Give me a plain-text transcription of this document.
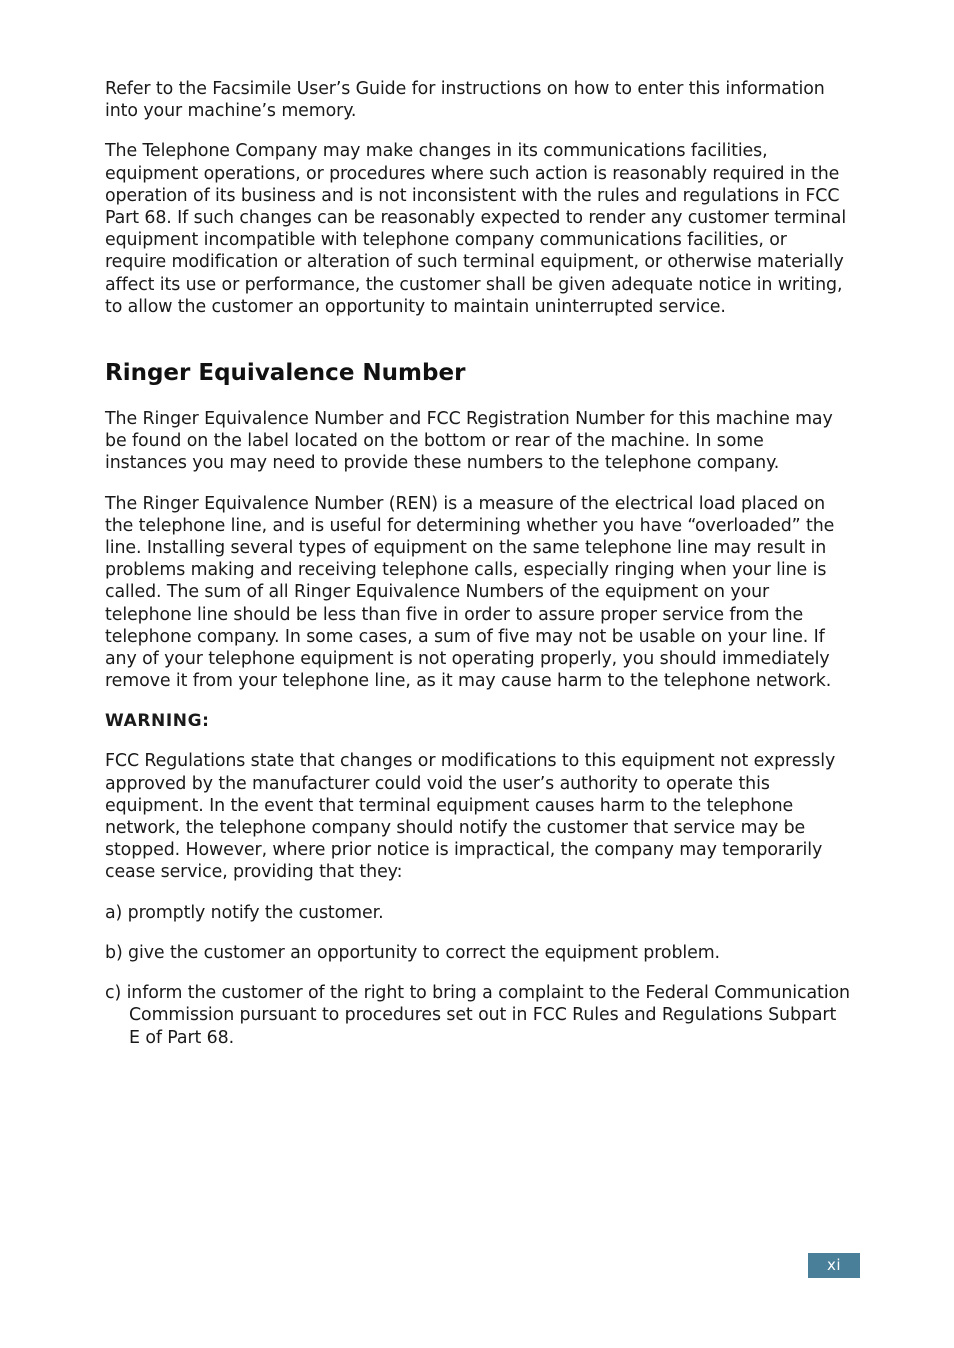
Refer to the Facsimile User’s Guide for instructions on how to enter this information into your machine’s memory.

The Telephone Company may make changes in its communications facilities, equipment operations, or procedures where such action is reasonably required in the operation of its business and is not inconsistent with the rules and regulations in FCC Part 68. If such changes can be reasonably expected to render any customer terminal equipment incompatible with telephone company communications facilities, or require modification or alteration of such terminal equipment, or otherwise materially affect its use or performance, the customer shall be given adequate notice in writing, to allow the customer an opportunity to maintain uninterrupted service.

Ringer Equivalence Number

The Ringer Equivalence Number and FCC Registration Number for this machine may be found on the label located on the bottom or rear of the machine. In some instances you may need to provide these numbers to the telephone company.

The Ringer Equivalence Number (REN) is a measure of the electrical load placed on the telephone line, and is useful for determining whether you have “overloaded” the line. Installing several types of equipment on the same telephone line may result in problems making and receiving telephone calls, especially ringing when your line is called. The sum of all Ringer Equivalence Numbers of the equipment on your telephone line should be less than five in order to assure proper service from the telephone company. In some cases, a sum of five may not be usable on your line. If any of your telephone equipment is not operating properly, you should immediately remove it from your telephone line, as it may cause harm to the telephone network.

WARNING:

FCC Regulations state that changes or modifications to this equipment not expressly approved by the manufacturer could void the user’s authority to operate this equipment. In the event that terminal equipment causes harm to the telephone network, the telephone company should notify the customer that service may be stopped. However, where prior notice is impractical, the company may temporarily cease service, providing that they:

a) promptly notify the customer.

b) give the customer an opportunity to correct the equipment problem.

c) inform the customer of the right to bring a complaint to the Federal Communication Commission pursuant to procedures set out in FCC Rules and Regulations Subpart E of Part 68.

xi
